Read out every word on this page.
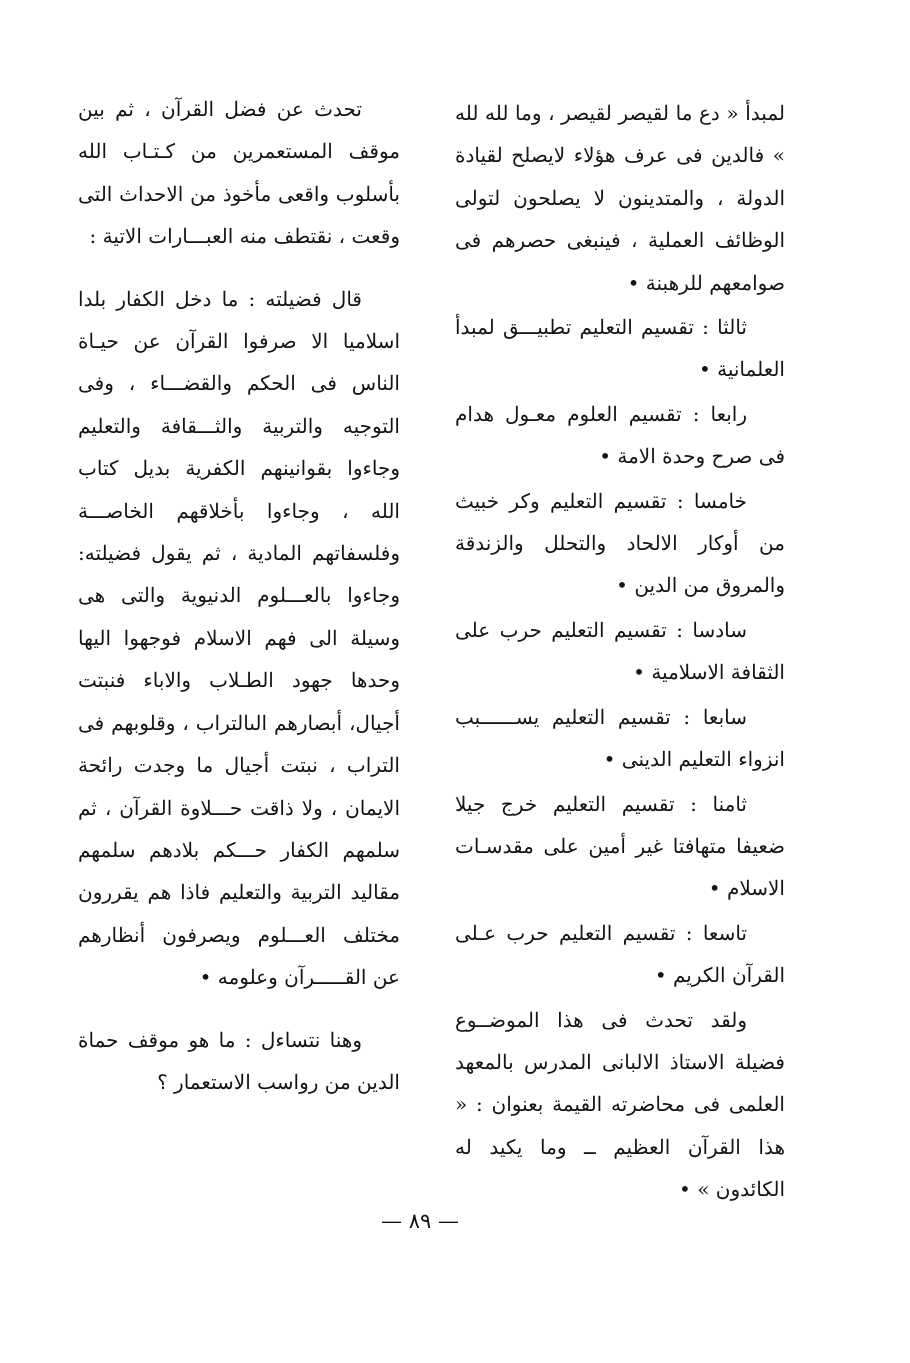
لمبدأ « دع ما لقيصر لقيصر ، وما لله لله » فالدين فى عرف هؤلاء لايصلح لقيادة الدولة ، والمتدينون لا يصلحون لتولى الوظائف العملية ، فينبغى حصرهم فى صوامعهم للرهبنة •

ثالثا : تقسيم التعليم تطبيـــق لمبدأ العلمانية •

رابعا : تقسيم العلوم معـول هدام فى صرح وحدة الامة •

خامسا : تقسيم التعليم وكر خبيث من أوكار الالحاد والتحلل والزندقة والمروق من الدين •

سادسا : تقسيم التعليم حرب على الثقافة الاسلامية •

سابعا : تقسيم التعليم يســــــبب انزواء التعليم الدينى •

ثامنا : تقسيم التعليم خرج جيلا ضعيفا متهافتا غير أمين على مقدسـات الاسلام •

تاسعا : تقسيم التعليم حرب عـلى القرآن الكريم •

ولقد تحدث فى هذا الموضــوع فضيلة الاستاذ الالبانى المدرس بالمعهد العلمى فى محاضرته القيمة بعنوان : « هذا القرآن العظيم ــ وما يكيد له الكائدون » •

تحدث عن فضل القرآن ، ثم بين موقف المستعمرين من كـتـاب الله بأسلوب واقعى مأخوذ من الاحداث التى وقعت ، نقتطف منه العبـــارات الاتية :

قال فضيلته : ما دخل الكفار بلدا اسلاميا الا صرفوا القرآن عن حيـاة الناس فى الحكم والقضـــاء ، وفى التوجيه والتربية والثـــقافة والتعليم وجاءوا بقوانينهم الكفرية بديل كتاب الله ، وجاءوا بأخلاقهم الخاصـــة وفلسفاتهم المادية ، ثم يقول فضيلته: وجاءوا بالعـــلوم الدنيوية والتى هى وسيلة الى فهم الاسلام فوجهوا اليها وحدها جهود الطـلاب والاباء فنبتت أجيال، أبصارهم الىالتراب ، وقلوبهم فى التراب ، نبتت أجيال ما وجدت رائحة الايمان ، ولا ذاقت حـــلاوة القرآن ، ثم سلمهم الكفار حـــكم بلادهم سلمهم مقاليد التربية والتعليم فاذا هم يقررون مختلف العـــلوم ويصرفون أنظارهم عن القـــــرآن وعلومه •

وهنا نتساءل : ما هو موقف حماة الدين من رواسب الاستعمار ؟

— ٨٩ —
